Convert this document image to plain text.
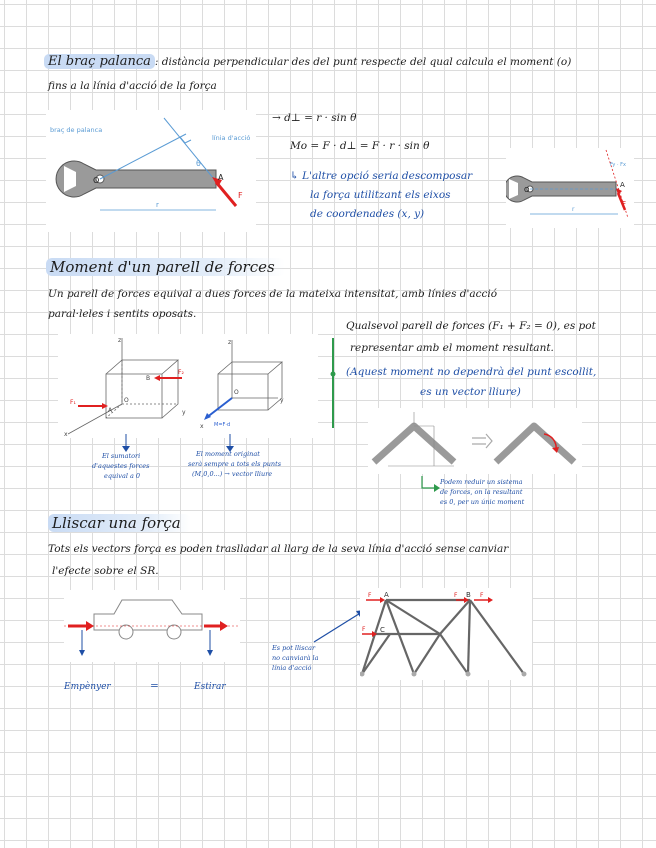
El braç palanca : distància perpendicular des del punt respecte del qual calcula el moment (o)
fins a la línia d'acció de la força
braç de palanca
línia d'acció
θ
O	A
F
r
→ d⊥ = r · sin θ
Mo = F · d⊥ = F · r · sin θ
↳ L'altre opció seria descomposar
la força utilitzant els eixos
de coordenades (x, y)
O
A
F
Fy · Fx
r
Moment d'un parell de forces
Un parell de forces equival a dues forces de la mateixa intensitat, amb línies d'acció
paral·leles i sentits oposats.
Qualsevol parell de forces (F₁ + F₂ = 0), es pot
representar amb el moment resultant.
(Aquest moment no dependrà del punt escollit,
es un vector lliure)
z	z
y
y
x
x
F₁
F₂
B
A
O
O
M=F·d
El sumatori
d'aquestes forces
equival a 0
El moment originat
serà sempre a tots els punts
(M,0,0...) → vector lliure
Podem reduir un sistema
de forces, on la resultant
es 0, per un únic moment
Lliscar una força
Tots els vectors força es poden traslladar al llarg de la seva línia d'acció sense canviar
l'efecte sobre el SR.
Empènyer	=	Estirar
Es pot lliscar
no canviarà la
línia d'acció
A	B
C
F	F	F
F
